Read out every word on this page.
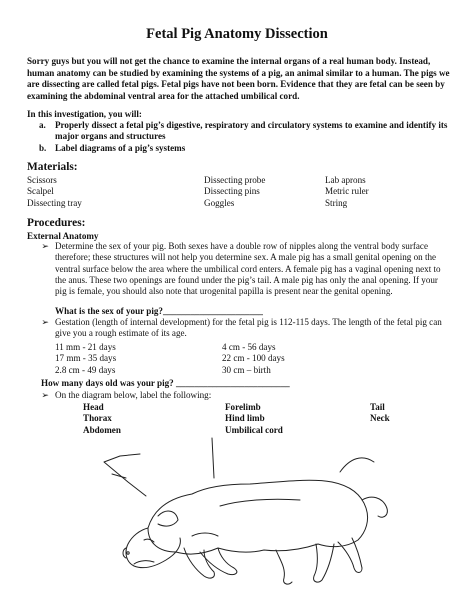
Fetal Pig Anatomy Dissection
Sorry guys but you will not get the chance to examine the internal organs of a real human body. Instead, human anatomy can be studied by examining the systems of a pig, an animal similar to a human. The pigs we are dissecting are called fetal pigs. Fetal pigs have not been born. Evidence that they are fetal can be seen by examining the abdominal ventral area for the attached umbilical cord.
In this investigation, you will:
a.	Properly dissect a fetal pig’s digestive, respiratory and circulatory systems to examine and identify its major organs and structures
b. Label diagrams of a pig’s systems
Materials:
Scissors	Dissecting probe	Lab aprons
Scalpel	Dissecting pins	Metric ruler
Dissecting tray	Goggles	String
Procedures:
External Anatomy
➢ Determine the sex of your pig. Both sexes have a double row of nipples along the ventral body surface therefore; these structures will not help you determine sex. A male pig has a small genital opening on the ventral surface below the area where the umbilical cord enters. A female pig has a vaginal opening next to the anus. These two openings are found under the pig’s tail. A male pig has only the anal opening. If your pig is female, you should also note that urogenital papilla is present near the genital opening.
What is the sex of your pig?______________________
➢ Gestation (length of internal development) for the fetal pig is 112-115 days. The length of the fetal pig can give you a rough estimate of its age.
11 mm - 21 days	4 cm - 56 days
17 mm - 35 days	22 cm - 100 days
2.8 cm - 49 days	30 cm – birth
How many days old was your pig? _________________________
➢ On the diagram below, label the following:
Head	Forelimb	Tail
Thorax	Hind limb	Neck
Abdomen	Umbilical cord
